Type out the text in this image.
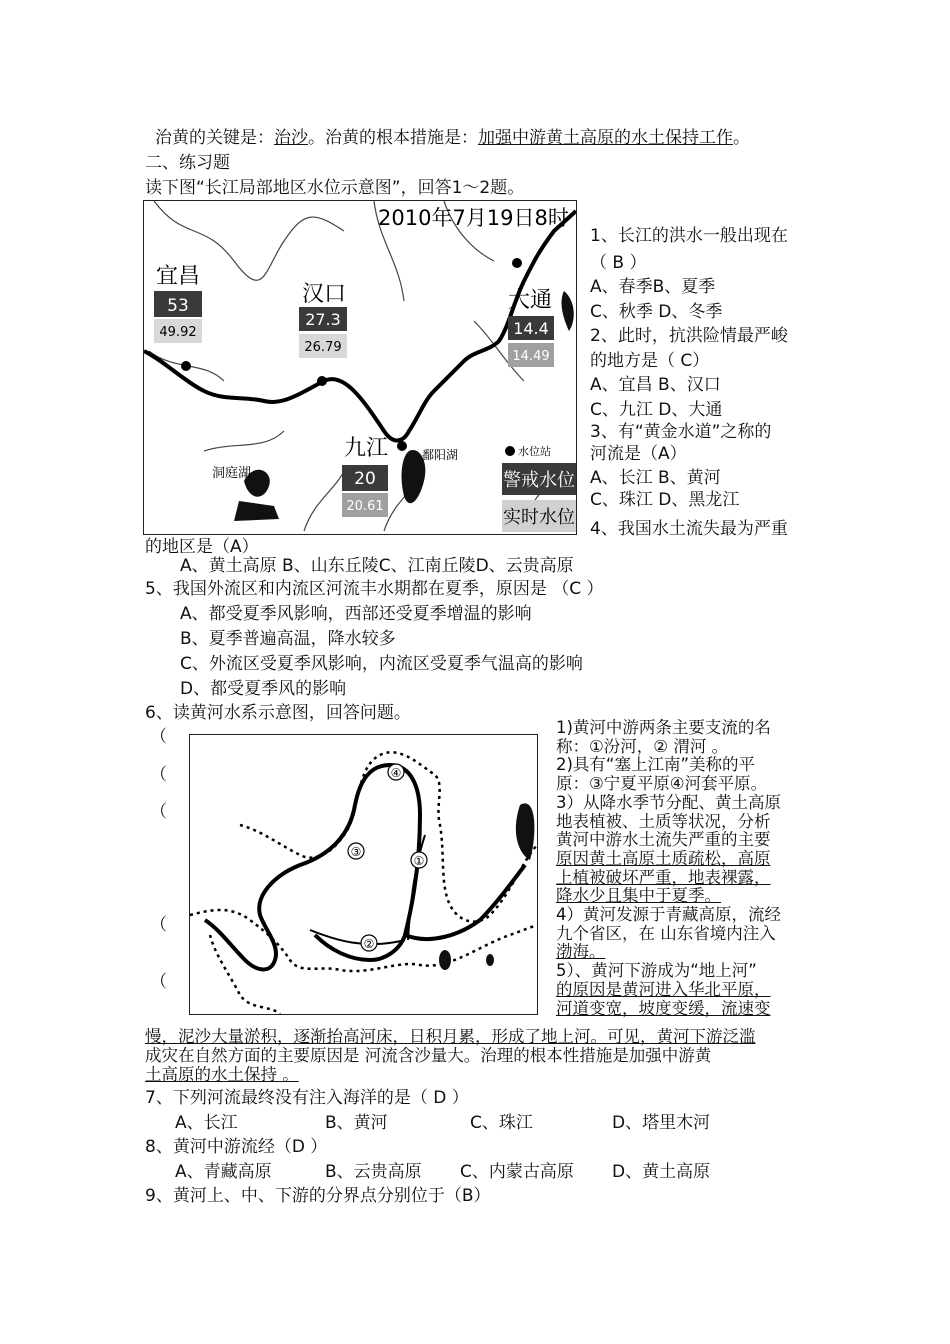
治黄的关键是：治沙。治黄的根本措施是：加强中游黄土高原的水土保持工作。
二、练习题
读下图“长江局部地区水位示意图”，回答1～2题。
2010年7月19日8时
宜昌
53
49.92
汉口
27.3
26.79
大通
14.4
14.49
九江
20
20.61
洞庭湖
鄱阳湖	水位站
警戒水位
实时水位
1、长江的洪水一般出现在
（ B ）
A、春季B、夏季
C、秋季 D、冬季
2、此时，抗洪险情最严峻
的地方是（ C）
A、宜昌 B、汉口
C、九江 D、大通
3、有“黄金水道”之称的
河流是（A）
A、长江 B、黄河
C、珠江 D、黑龙江
4、我国水土流失最为严重
的地区是（A）
A、黄土高原 B、山东丘陵C、江南丘陵D、云贵高原
5、我国外流区和内流区河流丰水期都在夏季，原因是 （C ）
A、都受夏季风影响，西部还受夏季增温的影响
B、夏季普遍高温，降水较多
C、外流区受夏季风影响，内流区受夏季气温高的影响
D、都受夏季风的影响
6、读黄河水系示意图，回答问题。
（
（
（
（
（
①
②
③
④
1)黄河中游两条主要支流的名
称：①汾河，② 渭河 。
2)具有“塞上江南”美称的平
原：③宁夏平原④河套平原。
3）从降水季节分配、黄土高原
地表植被、土质等状况，分析
黄河中游水土流失严重的主要
原因黄土高原土质疏松，高原
上植被破坏严重，地表裸露，
降水少且集中于夏季。
4）黄河发源于青藏高原，流经
九个省区，在 山东省境内注入
渤海。
5）、黄河下游成为“地上河”
的原因是黄河进入华北平原，
河道变宽，坡度变缓，流速变
慢，泥沙大量淤积，逐渐抬高河床，日积月累，形成了地上河。可见，黄河下游泛滥
成灾在自然方面的主要原因是 河流含沙量大。治理的根本性措施是加强中游黄
土高原的水土保持 。
7、下列河流最终没有注入海洋的是（ D ）
A、长江	B、黄河	C、珠江	D、塔里木河
8、黄河中游流经（D ）
A、青藏高原	B、云贵高原 C、内蒙古高原 D、黄土高原
9、黄河上、中、下游的分界点分别位于（B）
